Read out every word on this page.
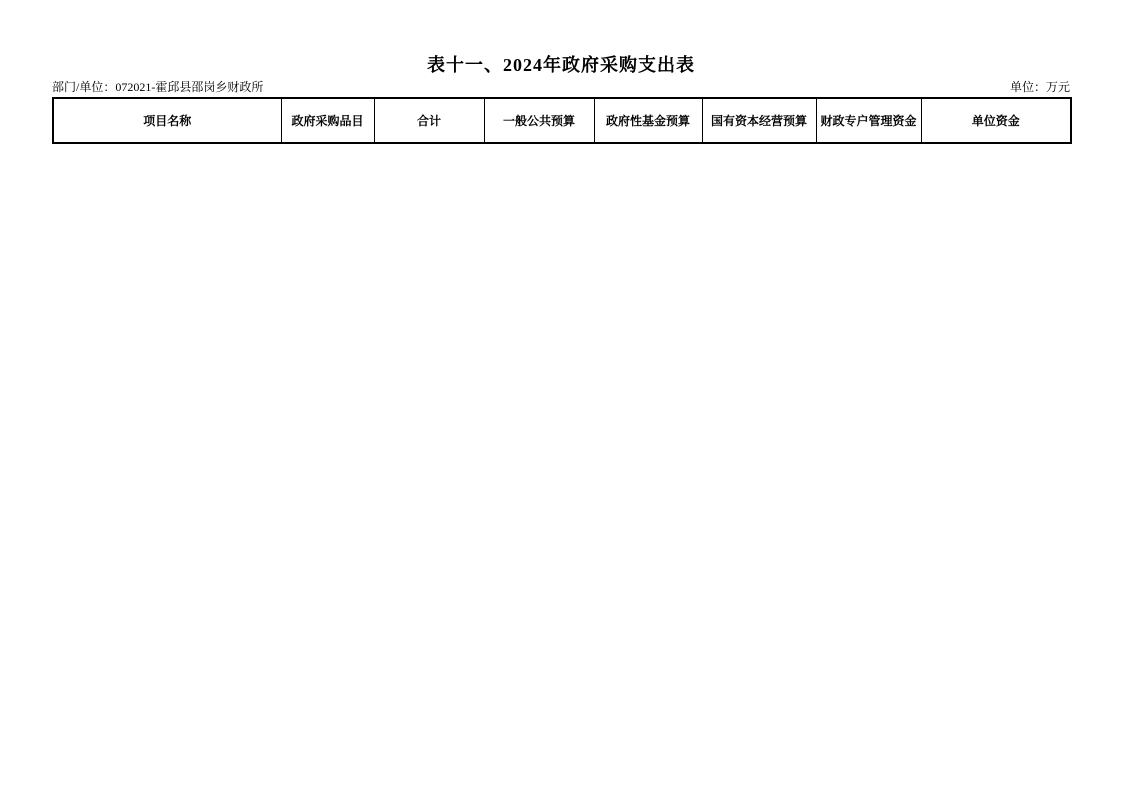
表十一、2024年政府采购支出表
部门/单位：072021-霍邱县邵岗乡财政所	单位：万元
项目名称	政府采购品目	合计	一般公共预算	政府性基金预算	国有资本经营预算	财政专户管理资金	单位资金
